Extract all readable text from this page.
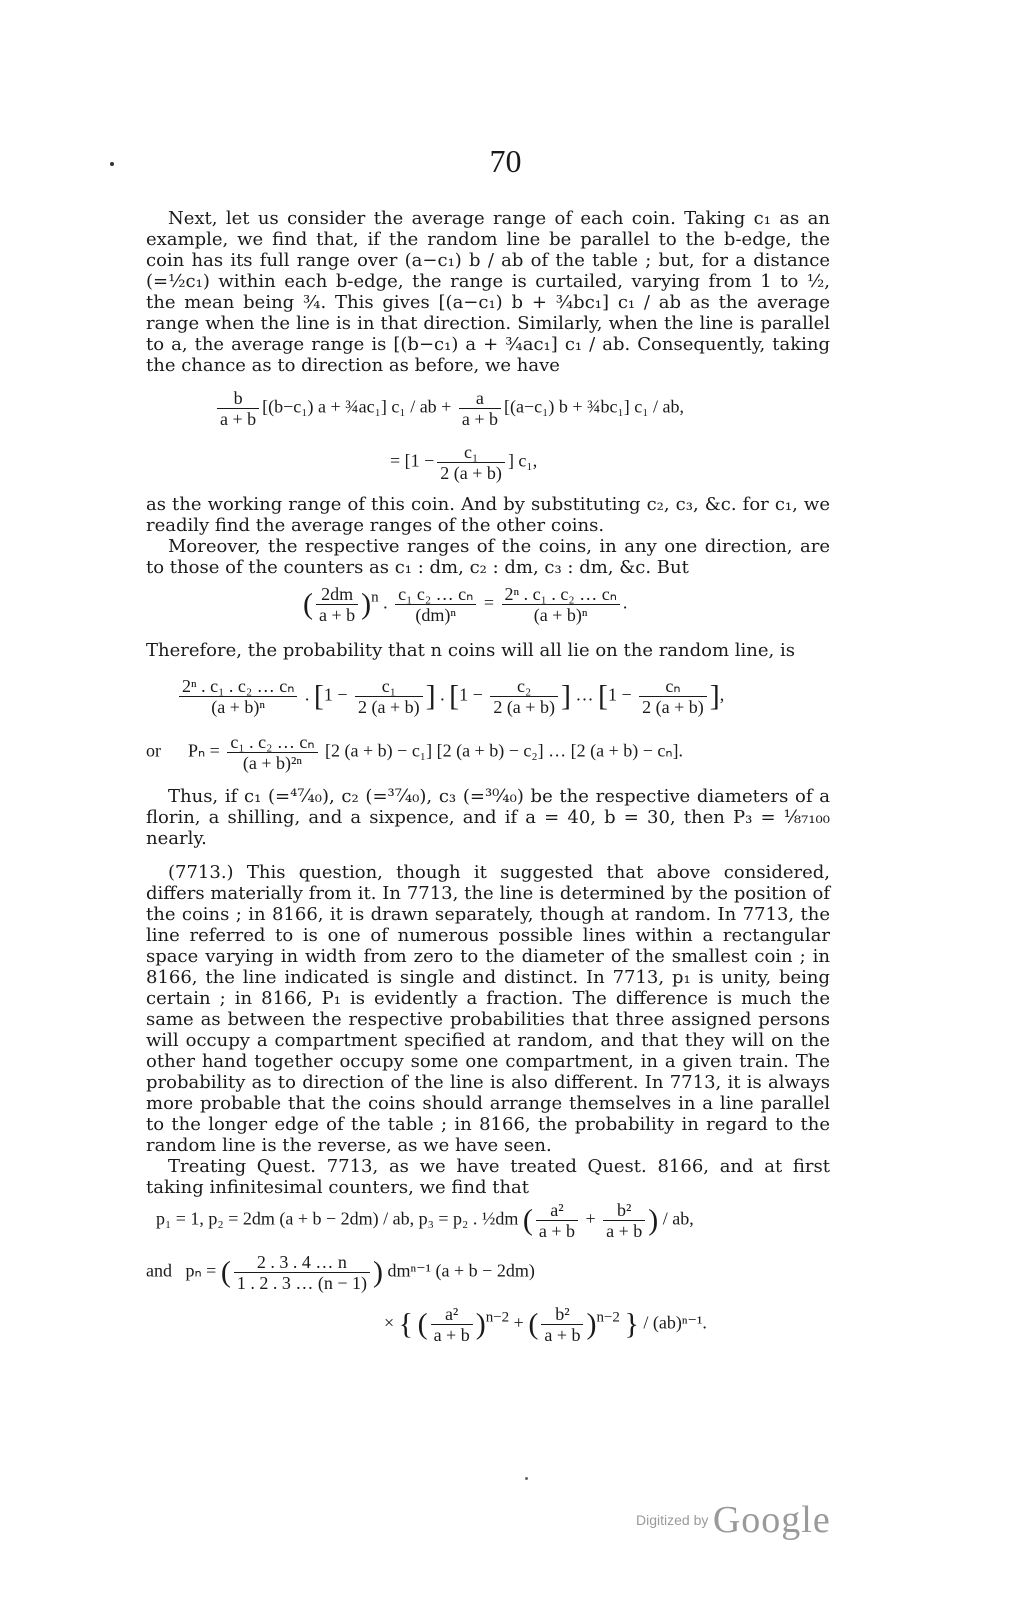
70
Next, let us consider the average range of each coin. Taking c₁ as an example, we find that, if the random line be parallel to the b-edge, the coin has its full range over (a−c₁) b / ab of the table ; but, for a distance (=½c₁) within each b-edge, the range is curtailed, varying from 1 to ½, the mean being ¾. This gives [(a−c₁) b + ¾bc₁] c₁ / ab as the average range when the line is in that direction. Similarly, when the line is parallel to a, the average range is [(b−c₁) a + ¾ac₁] c₁ / ab. Consequently, taking the chance as to direction as before, we have
$\frac{b}{a + b} [(b-c_1) a$ + ¾ac₁] c₁ / ab + $\frac{a}{a + b} [(a-c_1) b$ + ¾bc₁] c₁ / ab,
= [$1 - \frac{\text{c₁}}{2 (a + b)}$ ] c₁,
as the working range of this coin. And by substituting c₂, c₃, &c. for c₁, we readily find the average ranges of the other coins.
Moreover, the respective ranges of the coins, in any one direction, are to those of the counters as c₁ : dm, c₂ : dm, c₃ : dm, &c. But
( $\frac{2dm}{a + b} )^n$ . $\frac{\text{c₁ c₂ … cₙ}}{\text{(dm)ⁿ}} = \frac{\text{2ⁿ . c₁ . c₂ … cₙ}}{\text{(a + b)ⁿ}}$ .
Therefore, the probability that n coins will all lie on the random line, is
$\frac{\text{2ⁿ . c₁ . c₂ … cₙ}}{\text{(a + b)ⁿ}}$ . [$1 - \frac{\text{c₁}}{2 (a + b)}$ ] . [$1 - \frac{\text{c₂}}{2 (a + b)}$ ] … [$1 - \frac{\text{cₙ}}{2 (a + b)}$ ],
or $P_n = \frac{\text{c₁ . c₂ … cₙ}}{\text{(a + b)²ⁿ}} [2$ (a + b) − c₁] [2 (a + b) − c₂] … [2 (a + b) − cₙ].
Thus, if c₁ (=⁴⁷⁄₄₀), c₂ (=³⁷⁄₄₀), c₃ (=³⁰⁄₄₀) be the respective diameters of a florin, a shilling, and a sixpence, and if a = 40, b = 30, then P₃ = ¹⁄₈₇₁₀₀ nearly.
(7713.) This question, though it suggested that above considered, differs materially from it. In 7713, the line is determined by the position of the coins ; in 8166, it is drawn separately, though at random. In 7713, the line referred to is one of numerous possible lines within a rectangular space varying in width from zero to the diameter of the smallest coin ; in 8166, the line indicated is single and distinct. In 7713, p₁ is unity, being certain ; in 8166, P₁ is evidently a fraction. The difference is much the same as between the respective probabilities that three assigned persons will occupy a compartment specified at random, and that they will on the other hand together occupy some one compartment, in a given train. The probability as to direction of the line is also different. In 7713, it is always more probable that the coins should arrange themselves in a line parallel to the longer edge of the table ; in 8166, the probability in regard to the random line is the reverse, as we have seen.
Treating Quest. 7713, as we have treated Quest. 8166, and at first taking infinitesimal counters, we find that
p₁ = 1, p₂ = 2dm (a + b − 2dm) / ab, p₃ = p₂ . ½dm ( $\frac{\text{a²}}{a + b} + \frac{\text{b²}}{a + b}$ ) / ab,
and pₙ = ( $\frac{2 . 3 . 4 \dots n}{1 . 2 . 3 \dots (n - 1)}$ ) dmⁿ⁻¹ (a + b − 2dm)
× { ( $\frac{\text{a²}}{a + b} )^{n-2}$ + ( $\frac{\text{b²}}{a + b} )^{n-2}$ } / (ab)ⁿ⁻¹.
Digitized by Google
